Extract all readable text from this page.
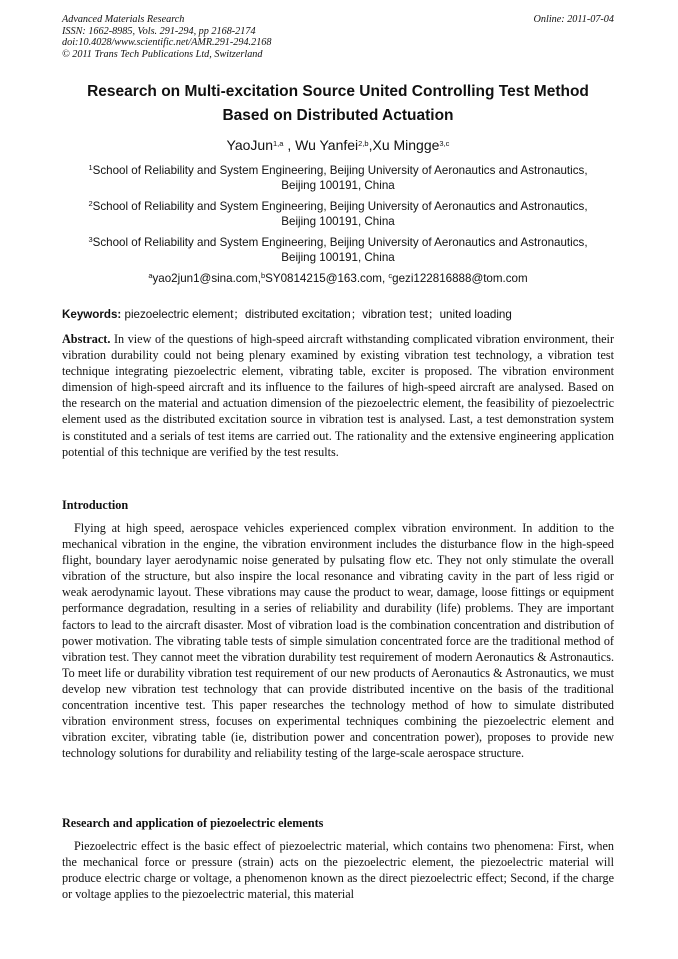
Advanced Materials Research
ISSN: 1662-8985, Vols. 291-294, pp 2168-2174
doi:10.4028/www.scientific.net/AMR.291-294.2168
© 2011 Trans Tech Publications Ltd, Switzerland
Online: 2011-07-04
Research on Multi-excitation Source United Controlling Test Method
Based on Distributed Actuation
YaoJun$^{1,a}$ , Wu Yanfei$^{2,b}$,Xu Mingge$^{3,c}$
$^1$School of Reliability and System Engineering, Beijing University of Aeronautics and Astronautics,
Beijing 100191, China
$^2$School of Reliability and System Engineering, Beijing University of Aeronautics and Astronautics,
Beijing 100191, China
$^3$School of Reliability and System Engineering, Beijing University of Aeronautics and Astronautics,
Beijing 100191, China
$^a$yao2jun1@sina.com,$^b$SY0814215@163.com, $^c$gezi122816888@tom.com
Keywords: piezoelectric element；distributed excitation；vibration test；united loading
Abstract. In view of the questions of high-speed aircraft withstanding complicated vibration environment, their vibration durability could not being plenary examined by existing vibration test technology, a vibration test technique integrating piezoelectric element, vibrating table, exciter is proposed. The vibration environment dimension of high-speed aircraft and its influence to the failures of high-speed aircraft are analysed. Based on the research on the material and actuation dimension of the piezoelectric element, the feasibility of piezoelectric element used as the distributed excitation source in vibration test is analysed. Last, a test demonstration system is constituted and a serials of test items are carried out. The rationality and the extensive engineering application potential of this technique are verified by the test results.
Introduction

Flying at high speed, aerospace vehicles experienced complex vibration environment. In addition to the mechanical vibration in the engine, the vibration environment includes the disturbance flow in the high-speed flight, boundary layer aerodynamic noise generated by pulsating flow etc. They not only stimulate the overall vibration of the structure, but also inspire the local resonance and vibrating cavity in the part of less rigid or weak aerodynamic layout. These vibrations may cause the product to wear, damage, loose fittings or equipment performance degradation, resulting in a series of reliability and durability (life) problems. They are important factors to lead to the aircraft disaster. Most of vibration load is the combination concentration and distribution of power motivation. The vibrating table tests of simple simulation concentrated force are the traditional method of vibration test. They cannot meet the vibration durability test requirement of modern Aeronautics & Astronautics. To meet life or durability vibration test requirement of our new products of Aeronautics & Astronautics, we must develop new vibration test technology that can provide distributed incentive on the basis of the traditional concentration incentive test. This paper researches the technology method of how to simulate distributed vibration environment stress, focuses on experimental techniques combining the piezoelectric element and vibration exciter, vibrating table (ie, distribution power and concentration power), proposes to provide new technology solutions for durability and reliability testing of the large-scale aerospace structure.

Research and application of piezoelectric elements

Piezoelectric effect is the basic effect of piezoelectric material, which contains two phenomena: First, when the mechanical force or pressure (strain) acts on the piezoelectric element, the piezoelectric material will produce electric charge or voltage, a phenomenon known as the direct piezoelectric effect; Second, if the charge or voltage applies to the piezoelectric material, this material
